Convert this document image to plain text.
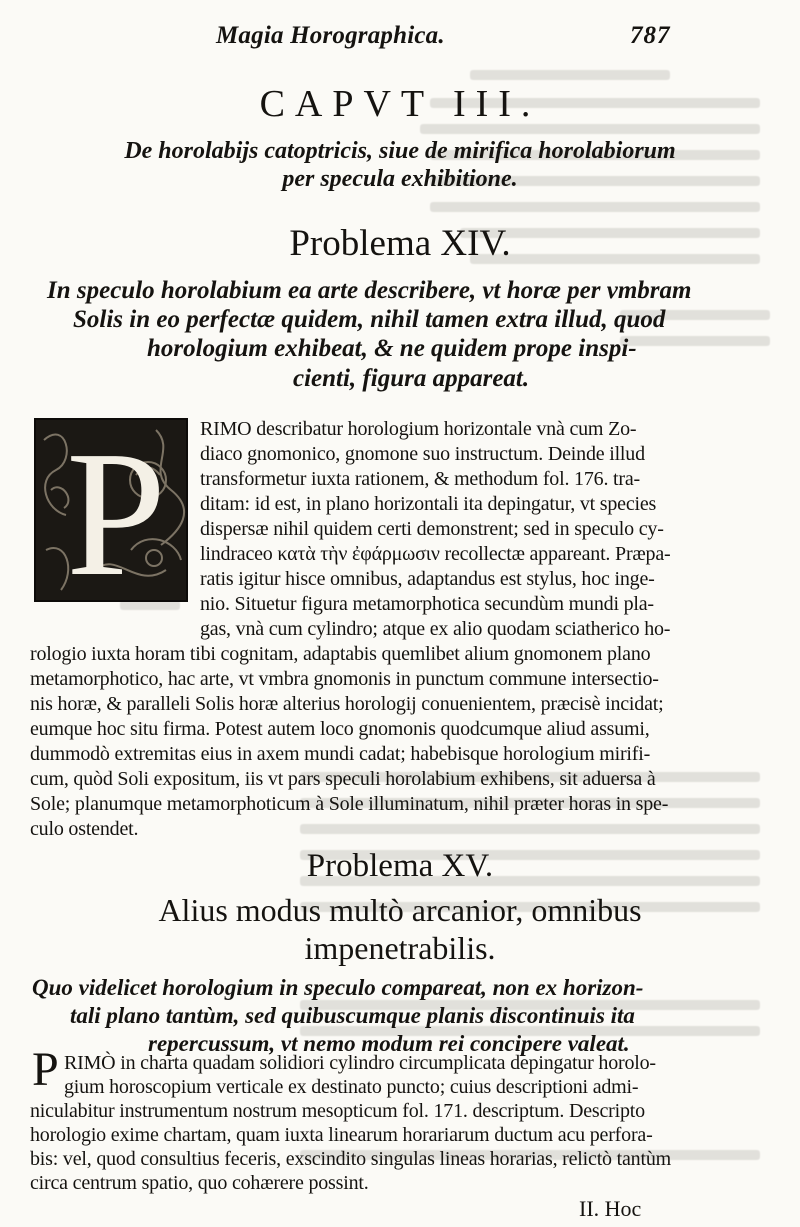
Magia Horographica.	787
CAPVT III.
De horolabijs catoptricis, siue de mirifica horolabiorum
per specula exhibitione.
Problema XIV.
In speculo horolabium ea arte describere, vt horæ per vmbram
Solis in eo perfectæ quidem, nihil tamen extra illud, quod
horologium exhibeat, & ne quidem prope inspi-
cienti, figura appareat.
P RIMO describatur horologium horizontale vnà cum Zo-
diaco gnomonico, gnomone suo instructum. Deinde illud
transformetur iuxta rationem, & methodum fol. 176. tra-
ditam: id est, in plano horizontali ita depingatur, vt species
dispersæ nihil quidem certi demonstrent; sed in speculo cy-
lindraceo κατὰ τὴν ἐφάρμωσιν recollectæ appareant. Præpa-
ratis igitur hisce omnibus, adaptandus est stylus, hoc inge-
nio. Situetur figura metamorphotica secundùm mundi pla-
gas, vnà cum cylindro; atque ex alio quodam sciatherico ho-
rologio iuxta horam tibi cognitam, adaptabis quemlibet alium gnomonem plano
metamorphotico, hac arte, vt vmbra gnomonis in punctum commune intersectio-
nis horæ, & paralleli Solis horæ alterius horologij conuenientem, præcisè incidat;
eumque hoc situ firma. Potest autem loco gnomonis quodcumque aliud assumi,
dummodò extremitas eius in axem mundi cadat; habebisque horologium mirifi-
cum, quòd Soli expositum, iis vt pars speculi horolabium exhibens, sit aduersa à
Sole; planumque metamorphoticum à Sole illuminatum, nihil præter horas in spe-
culo ostendet.
Problema XV.
Alius modus multò arcanior, omnibus
impenetrabilis.
Quo videlicet horologium in speculo compareat, non ex horizon-
tali plano tantùm, sed quibuscumque planis discontinuis ita
repercussum, vt nemo modum rei concipere valeat.
P RIMÒ in charta quadam solidiori cylindro circumplicata depingatur horolo-
gium horoscopium verticale ex destinato puncto; cuius descriptioni admi-
niculabitur instrumentum nostrum mesopticum fol. 171. descriptum. Descripto
horologio exime chartam, quam iuxta linearum horariarum ductum acu perfora-
bis: vel, quod consultius feceris, exscindito singulas lineas horarias, relictò tantùm
II. Hoc
circa centrum spatio, quo cohærere possint.
